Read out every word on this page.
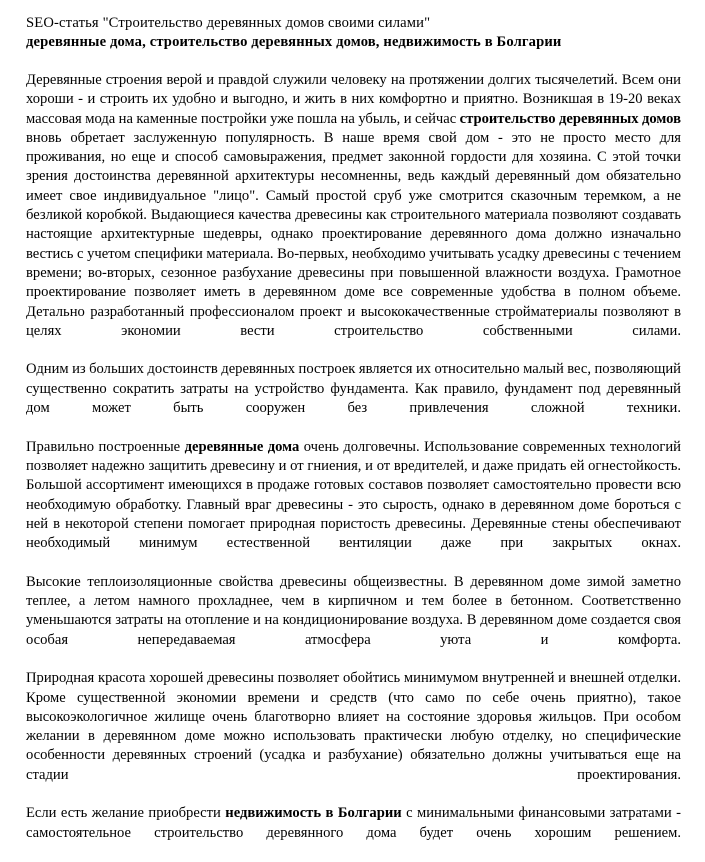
SEO-статья "Строительство деревянных домов своими силами"
деревянные дома, строительство деревянных домов, недвижимость в Болгарии
Деревянные строения верой и правдой служили человеку на протяжении долгих тысячелетий. Всем они хороши - и строить их удобно и выгодно, и жить в них комфортно и приятно. Возникшая в 19-20 веках массовая мода на каменные постройки уже пошла на убыль, и сейчас строительство деревянных домов вновь обретает заслуженную популярность. В наше время свой дом - это не просто место для проживания, но еще и способ самовыражения, предмет законной гордости для хозяина. С этой точки зрения достоинства деревянной архитектуры несомненны, ведь каждый деревянный дом обязательно имеет свое индивидуальное "лицо". Самый простой сруб уже смотрится сказочным теремком, а не безликой коробкой. Выдающиеся качества древесины как строительного материала позволяют создавать настоящие архитектурные шедевры, однако проектирование деревянного дома должно изначально вестись с учетом специфики материала. Во-первых, необходимо учитывать усадку древесины с течением времени; во-вторых, сезонное разбухание древесины при повышенной влажности воздуха. Грамотное проектирование позволяет иметь в деревянном доме все современные удобства в полном объеме. Детально разработанный профессионалом проект и высококачественные стройматериалы позволяют в целях экономии вести строительство собственными силами.
Одним из больших достоинств деревянных построек является их относительно малый вес, позволяющий существенно сократить затраты на устройство фундамента. Как правило, фундамент под деревянный дом может быть сооружен без привлечения сложной техники.
Правильно построенные деревянные дома очень долговечны. Использование современных технологий позволяет надежно защитить древесину и от гниения, и от вредителей, и даже придать ей огнестойкость. Большой ассортимент имеющихся в продаже готовых составов позволяет самостоятельно провести всю необходимую обработку. Главный враг древесины - это сырость, однако в деревянном доме бороться с ней в некоторой степени помогает природная пористость древесины. Деревянные стены обеспечивают необходимый минимум естественной вентиляции даже при закрытых окнах.
Высокие теплоизоляционные свойства древесины общеизвестны. В деревянном доме зимой заметно теплее, а летом намного прохладнее, чем в кирпичном и тем более в бетонном. Соответственно уменьшаются затраты на отопление и на кондиционирование воздуха. В деревянном доме создается своя особая непередаваемая атмосфера уюта и комфорта.
Природная красота хорошей древесины позволяет обойтись минимумом внутренней и внешней отделки. Кроме существенной экономии времени и средств (что само по себе очень приятно), такое высокоэкологичное жилище очень благотворно влияет на состояние здоровья жильцов. При особом желании в деревянном доме можно использовать практически любую отделку, но специфические особенности деревянных строений (усадка и разбухание) обязательно должны учитываться еще на стадии проектирования.
Если есть желание приобрести недвижимость в Болгарии с минимальными финансовыми затратами - самостоятельное строительство деревянного дома будет очень хорошим решением.
